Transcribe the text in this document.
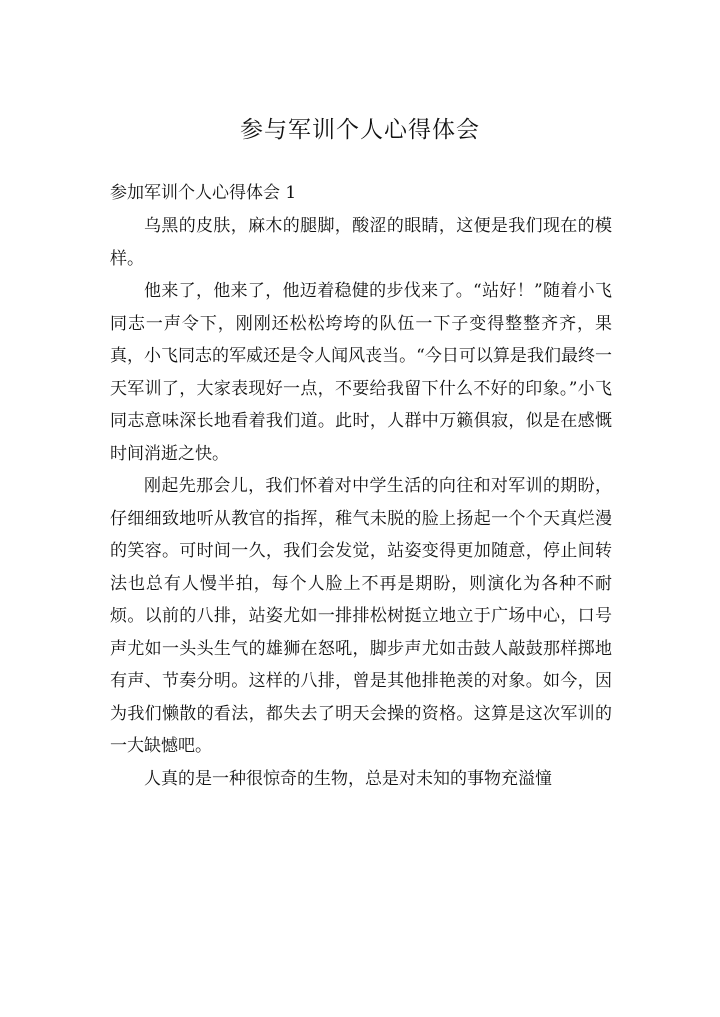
参与军训个人心得体会
参加军训个人心得体会 1

乌黑的皮肤，麻木的腿脚，酸涩的眼睛，这便是我们现在的模样。

他来了，他来了，他迈着稳健的步伐来了。“站好！”随着小飞同志一声令下，刚刚还松松垮垮的队伍一下子变得整整齐齐，果真，小飞同志的军威还是令人闻风丧当。“今日可以算是我们最终一天军训了，大家表现好一点，不要给我留下什么不好的印象。”小飞同志意味深长地看着我们道。此时，人群中万籁俱寂，似是在感慨时间消逝之快。

刚起先那会儿，我们怀着对中学生活的向往和对军训的期盼，仔细细致地听从教官的指挥，稚气未脱的脸上扬起一个个天真烂漫的笑容。可时间一久，我们会发觉，站姿变得更加随意，停止间转法也总有人慢半拍，每个人脸上不再是期盼，则演化为各种不耐烦。以前的八排，站姿尤如一排排松树挺立地立于广场中心，口号声尤如一头头生气的雄狮在怒吼，脚步声尤如击鼓人敲鼓那样掷地有声、节奏分明。这样的八排，曾是其他排艳羡的对象。如今，因为我们懒散的看法，都失去了明天会操的资格。这算是这次军训的一大缺憾吧。

人真的是一种很惊奇的生物，总是对未知的事物充溢憧
